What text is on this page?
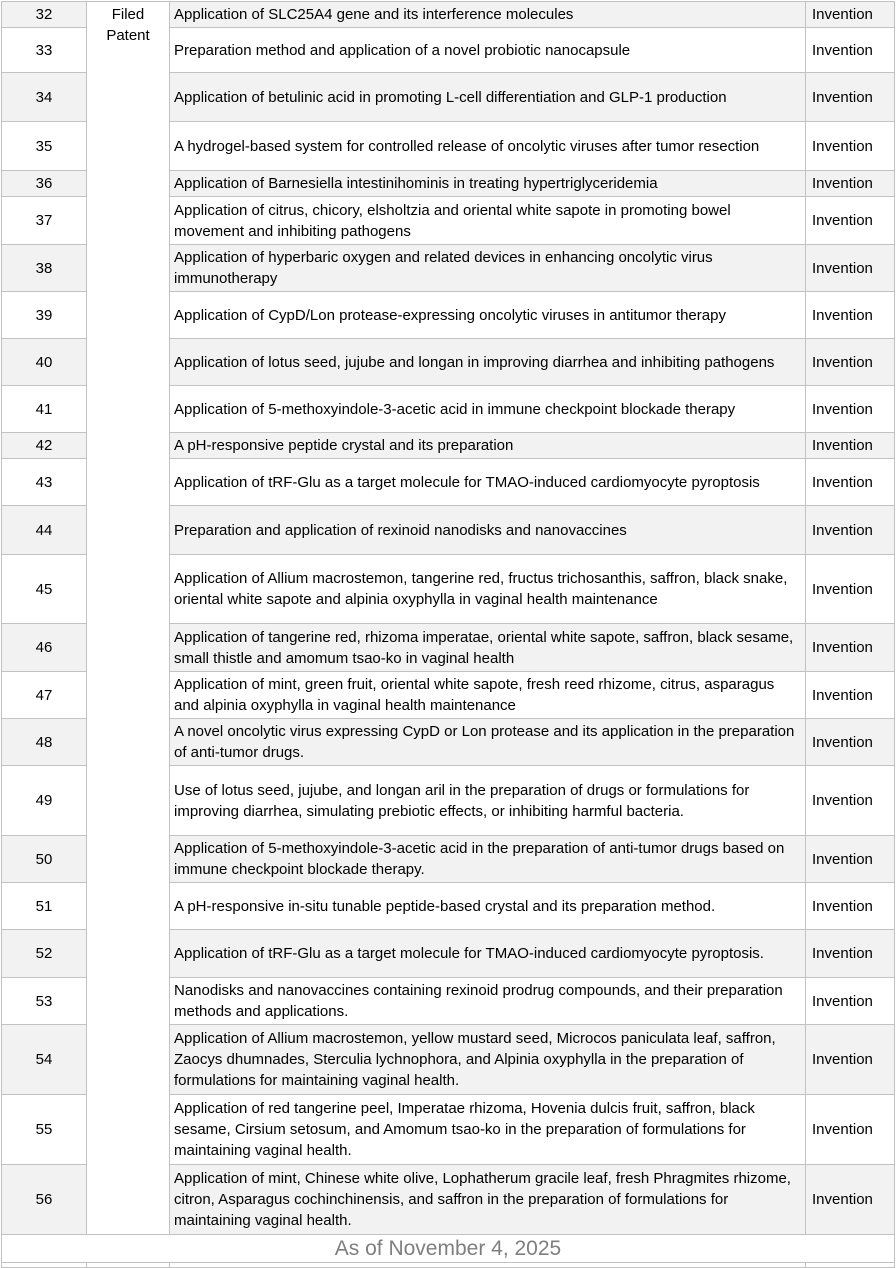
32	Filed Patent	Application of SLC25A4 gene and its interference molecules	Invention
33		Preparation method and application of a novel probiotic nanocapsule	Invention
34		Application of betulinic acid in promoting L-cell differentiation and GLP-1 production	Invention
35		A hydrogel-based system for controlled release of oncolytic viruses after tumor resection	Invention
36		Application of Barnesiella intestinihominis in treating hypertriglyceridemia	Invention
37		Application of citrus, chicory, elsholtzia and oriental white sapote in promoting bowel movement and inhibiting pathogens	Invention
38		Application of hyperbaric oxygen and related devices in enhancing oncolytic virus immunotherapy	Invention
39		Application of CypD/Lon protease-expressing oncolytic viruses in antitumor therapy	Invention
40		Application of lotus seed, jujube and longan in improving diarrhea and inhibiting pathogens	Invention
41		Application of 5-methoxyindole-3-acetic acid in immune checkpoint blockade therapy	Invention
42		A pH-responsive peptide crystal and its preparation	Invention
43		Application of tRF-Glu as a target molecule for TMAO-induced cardiomyocyte pyroptosis	Invention
44		Preparation and application of rexinoid nanodisks and nanovaccines	Invention
45		Application of Allium macrostemon, tangerine red, fructus trichosanthis, saffron, black snake, oriental white sapote and alpinia oxyphylla in vaginal health maintenance	Invention
46		Application of tangerine red, rhizoma imperatae, oriental white sapote, saffron, black sesame, small thistle and amomum tsao-ko in vaginal health	Invention
47		Application of mint, green fruit, oriental white sapote, fresh reed rhizome, citrus, asparagus and alpinia oxyphylla in vaginal health maintenance	Invention
48		A novel oncolytic virus expressing CypD or Lon protease and its application in the preparation of anti-tumor drugs.	Invention
49		Use of lotus seed, jujube, and longan aril in the preparation of drugs or formulations for improving diarrhea, simulating prebiotic effects, or inhibiting harmful bacteria.	Invention
50		Application of 5-methoxyindole-3-acetic acid in the preparation of anti-tumor drugs based on immune checkpoint blockade therapy.	Invention
51		A pH-responsive in-situ tunable peptide-based crystal and its preparation method.	Invention
52		Application of tRF-Glu as a target molecule for TMAO-induced cardiomyocyte pyroptosis.	Invention
53		Nanodisks and nanovaccines containing rexinoid prodrug compounds, and their preparation methods and applications.	Invention
54		Application of Allium macrostemon, yellow mustard seed, Microcos paniculata leaf, saffron, Zaocys dhumnades, Sterculia lychnophora, and Alpinia oxyphylla in the preparation of formulations for maintaining vaginal health.	Invention
55		Application of red tangerine peel, Imperatae rhizoma, Hovenia dulcis fruit, saffron, black sesame, Cirsium setosum, and Amomum tsao-ko in the preparation of formulations for maintaining vaginal health.	Invention
56		Application of mint, Chinese white olive, Lophatherum gracile leaf, fresh Phragmites rhizome, citron, Asparagus cochinchinensis, and saffron in the preparation of formulations for maintaining vaginal health.	Invention
As of November 4, 2025			
